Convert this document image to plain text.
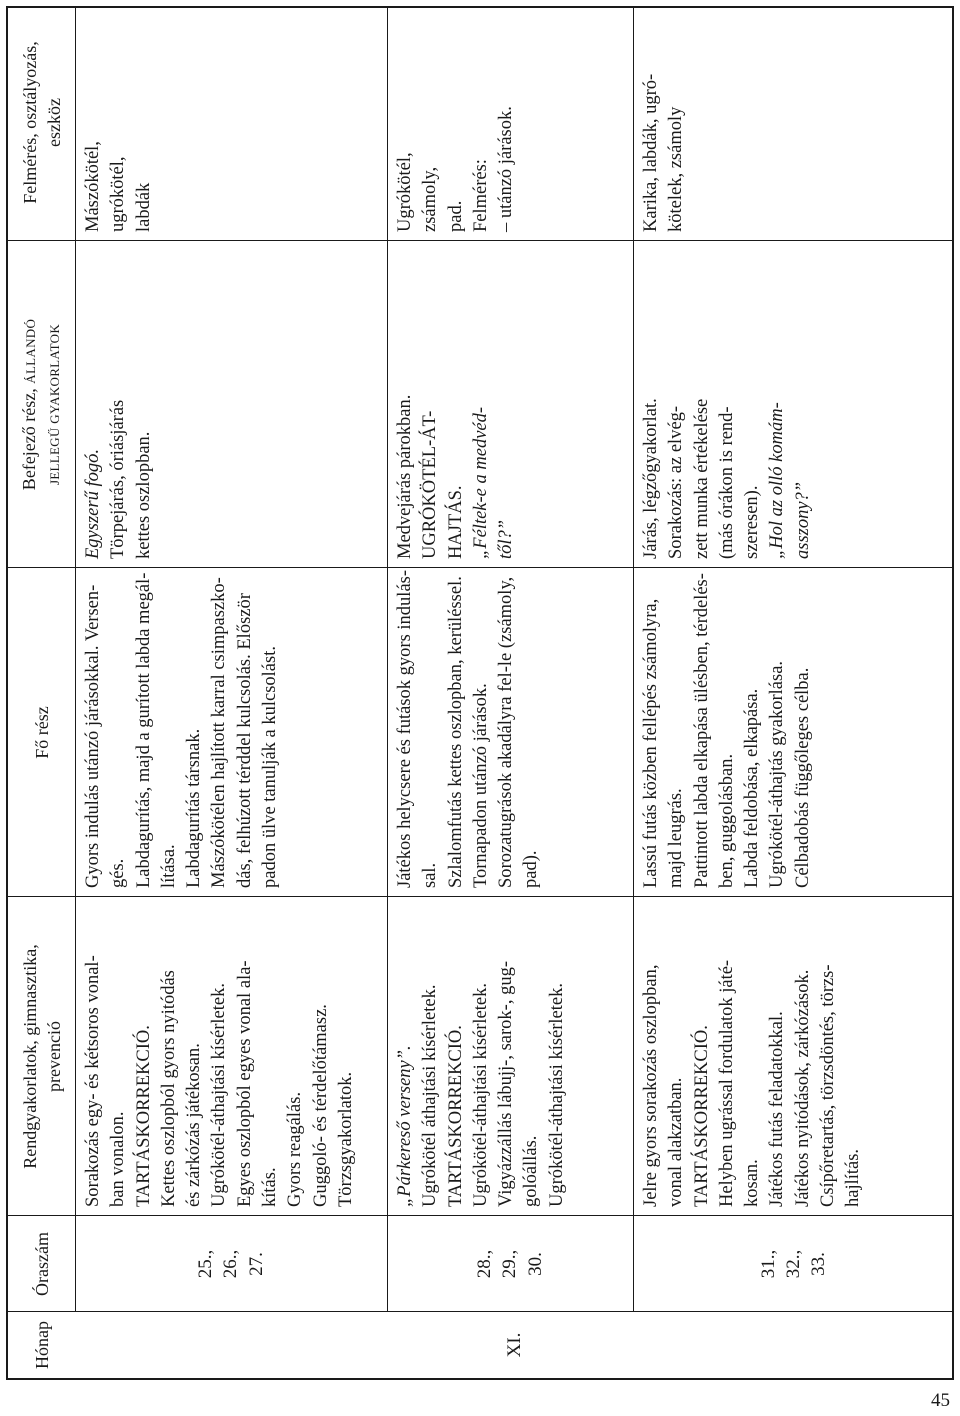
Hónap
Óraszám
Rendgyakorlatok, gimnasztika, prevenció
Fő rész
Befejező rész, ÁLLANDÓ JELLEGŰ GYAKORLATOK
Felmérés, osztályozás, eszköz
XI.
25., 26., 27.
Sorakozás egy- és kétsoros vonal- ban vonalon. TARTÁSKORREKCIÓ. Kettes oszlopból gyors nyitódás és zárkózás játékosan. Ugrókötél-áthajtási kísérletek. Egyes oszlopból egyes vonal ala- kítás. Gyors reagálás. Guggoló- és térdelőtámasz. Törzsgyakorlatok.
Gyors indulás utánzó járásokkal. Versen- gés. Labdagurítás, majd a gurított labda megál- lítása. Labdagurítás társnak. Mászókötélen hajlított karral csimpaszko- dás, felhúzott térddel kulcsolás. Először padon ülve tanulják a kulcsolást.
Egyszerű fogó. Törpejárás, óriásjárás kettes oszlopban.
Mászókötél, ugrókötél, labdák
28., 29., 30.
„Párkereső verseny”. Ugrókötél áthajtási kísérletek. TARTÁSKORREKCIÓ. Ugrókötél-áthajtási kísérletek. Vigyázzállás lábujj-, sarok-, gug- golóállás. Ugrókötél-áthajtási kísérletek.
Játékos helycsere és futások gyors indulás- sal. Szlalomfutás kettes oszlopban, kerüléssel. Tornapadon utánzó járások. Sorozatugrások akadályra fel-le (zsámoly, pad).
Medvejárás párokban. UGRÓKÖTÉL-ÁT- HAJTÁS. „Féltek-e a medvéd- től?”
Ugrókötél, zsámoly, pad. Felmérés: – utánzó járások.
31., 32., 33.
Jelre gyors sorakozás oszlopban, vonal alakzatban. TARTÁSKORREKCIÓ. Helyben ugrással fordulatok játé- kosan. Játékos futás feladatokkal. Játékos nyitódások, zárkózások. Csípőretartás, törzsdöntés, törzs- hajlítás.
Lassú futás közben fellépés zsámolyra, majd leugrás. Pattintott labda elkapása ülésben, térdelés- ben, guggolásban. Labda feldobása, elkapása. Ugrókötél-áthajtás gyakorlása. Célbadobás függőleges célba.
Járás, légzőgyakorlat. Sorakozás: az elvég- zett munka értékelése (más órákon is rend- szeresen). „Hol az olló komám- asszony?”
Karika, labdák, ugró- kötelek, zsámoly
45
